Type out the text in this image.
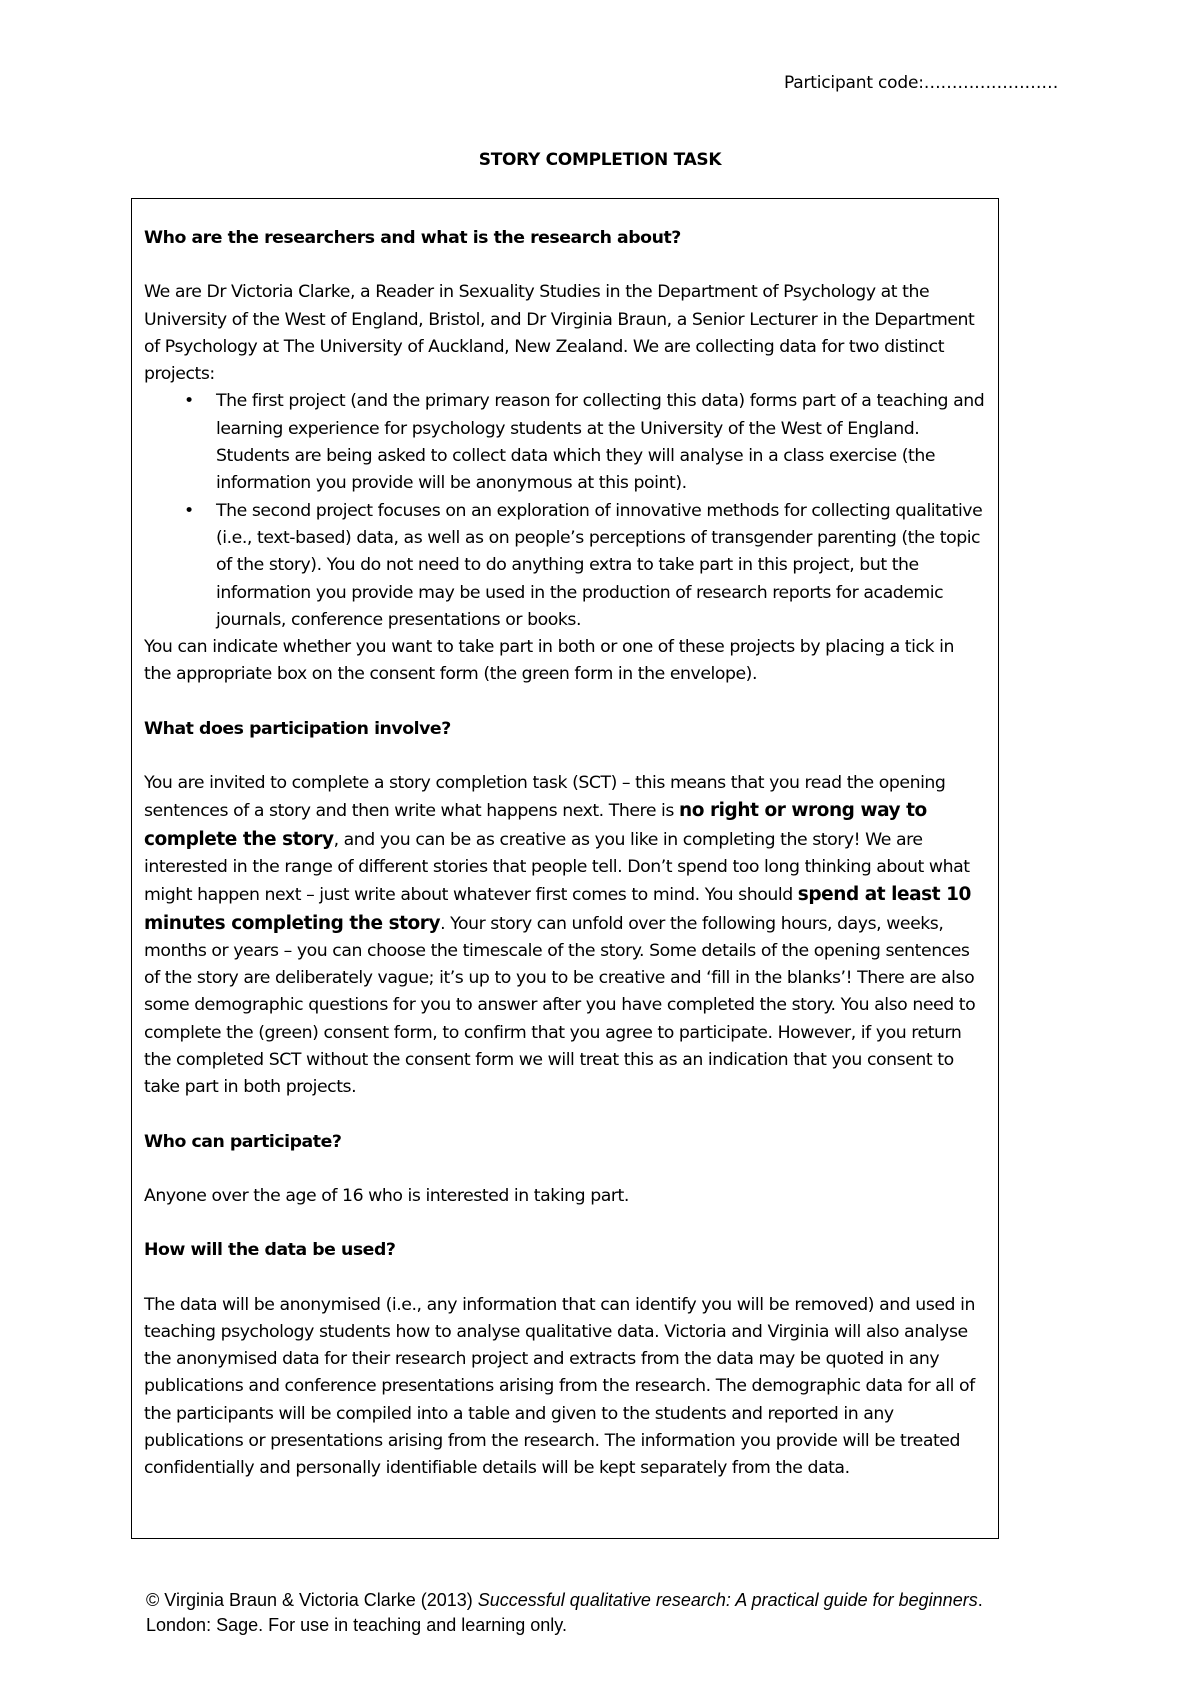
Participant code:……………………
STORY COMPLETION TASK
Who are the researchers and what is the research about?

We are Dr Victoria Clarke, a Reader in Sexuality Studies in the Department of Psychology at the University of the West of England, Bristol, and Dr Virginia Braun, a Senior Lecturer in the Department of Psychology at The University of Auckland, New Zealand. We are collecting data for two distinct projects:

• The first project (and the primary reason for collecting this data) forms part of a teaching and learning experience for psychology students at the University of the West of England. Students are being asked to collect data which they will analyse in a class exercise (the information you provide will be anonymous at this point).
• The second project focuses on an exploration of innovative methods for collecting qualitative (i.e., text-based) data, as well as on people’s perceptions of transgender parenting (the topic of the story). You do not need to do anything extra to take part in this project, but the information you provide may be used in the production of research reports for academic journals, conference presentations or books.

You can indicate whether you want to take part in both or one of these projects by placing a tick in the appropriate box on the consent form (the green form in the envelope).

What does participation involve?

You are invited to complete a story completion task (SCT) – this means that you read the opening sentences of a story and then write what happens next. There is no right or wrong way to complete the story, and you can be as creative as you like in completing the story! We are interested in the range of different stories that people tell. Don’t spend too long thinking about what might happen next – just write about whatever first comes to mind. You should spend at least 10 minutes completing the story. Your story can unfold over the following hours, days, weeks, months or years – you can choose the timescale of the story. Some details of the opening sentences of the story are deliberately vague; it’s up to you to be creative and ‘fill in the blanks’! There are also some demographic questions for you to answer after you have completed the story. You also need to complete the (green) consent form, to confirm that you agree to participate. However, if you return the completed SCT without the consent form we will treat this as an indication that you consent to take part in both projects.

Who can participate?

Anyone over the age of 16 who is interested in taking part.

How will the data be used?

The data will be anonymised (i.e., any information that can identify you will be removed) and used in teaching psychology students how to analyse qualitative data. Victoria and Virginia will also analyse the anonymised data for their research project and extracts from the data may be quoted in any publications and conference presentations arising from the research. The demographic data for all of the participants will be compiled into a table and given to the students and reported in any publications or presentations arising from the research. The information you provide will be treated confidentially and personally identifiable details will be kept separately from the data.

© Virginia Braun & Victoria Clarke (2013) Successful qualitative research: A practical guide for beginners. London: Sage. For use in teaching and learning only.
